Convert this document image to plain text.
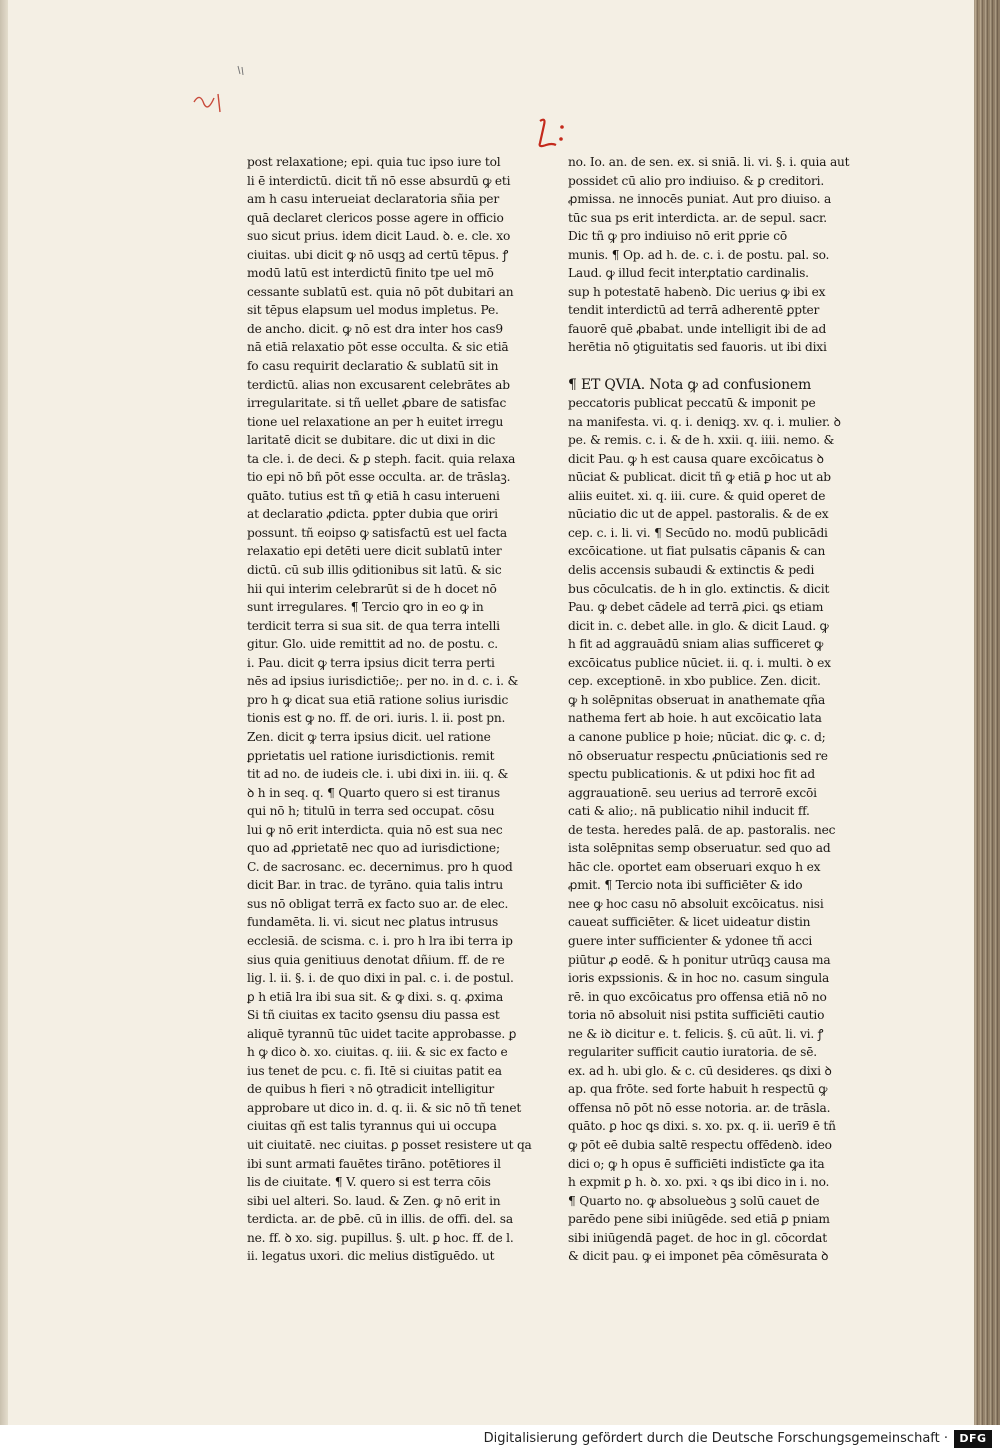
post relaxatione; epi. quia tuc ipso iure tol
li ē interdictū. dicit tñ nō esse absurdū ꝙ eti
am h casu interueiat declaratoria sñia per
quā declaret clericos posse agere in officio
suo sicut prius. idem dicit Laud. ꝺ. e. cle. xo
ciuitas. ubi dicit ꝙ nō usqꝫ ad certū tēpus. ꝭ
modū latū est interdictū finito tpe uel mō
cessante sublatū est. quia nō pōt dubitari an
sit tēpus elapsum uel modus impletus. Pe.
de ancho. dicit. ꝙ nō est dra inter hos cas9
nā etiā relaxatio pōt esse occulta. & sic etiā
fo casu requirit declaratio & sublatū sit in
terdictū. alias non excusarent celebrātes ab
irregularitate. si tñ uellet ꝓbare de satisfac
tione uel relaxatione an per h euitet irregu
laritatē dicit se dubitare. dic ut dixi in dic
ta cle. i. de deci. & ꝑ steph. facit. quia relaxa
tio epi nō bñ pōt esse occulta. ar. de trāslaꝫ.
quāto. tutius est tñ ꝙ etiā h casu interueni
at declaratio ꝓdicta. ꝑpter dubia que oriri
possunt. tñ eoipso ꝙ satisfactū est uel facta
relaxatio epi detēti uere dicit sublatū inter
dictū. cū sub illis ꝯditionibus sit latū. & sic
hii qui interim celebrarūt si de h docet nō
sunt irregulares. ¶ Tercio ꝗro in eo ꝙ in
terdicit terra si sua sit. de qua terra intelli
gitur. Glo. uide remittit ad no. de postu. c.
i. Pau. dicit ꝙ terra ipsius dicit terra perti
nēs ad ipsius iurisdictiōe;. per no. in d. c. i. &
pro h ꝙ dicat sua etiā ratione solius iurisdic
tionis est ꝙ no. ff. de ori. iuris. l. ii. post pn.
Zen. dicit ꝙ terra ipsius dicit. uel ratione
ꝑprietatis uel ratione iurisdictionis. remit
tit ad no. de iudeis cle. i. ubi dixi in. iii. q. &
ꝺ h in seq. q. ¶ Quarto quero si est tiranus
qui nō h; titulū in terra sed occupat. cōsu
lui ꝙ nō erit interdicta. quia nō est sua nec
quo ad ꝓprietatē nec quo ad iurisdictione;
C. de sacrosanc. ec. decernimus. pro h quod
dicit Bar. in trac. de tyrāno. quia talis intru
sus nō obligat terrā ex facto suo ar. de elec.
fundamēta. li. vi. sicut nec ꝑlatus intrusus
ecclesiā. de scisma. c. i. pro h lra ibi terra ip
sius quia genitiuus denotat dñium. ff. de re
lig. l. ii. §. i. de quo dixi in pal. c. i. de postul.
ꝑ h etiā lra ibi sua sit. & ꝙ dixi. s. q. ꝓxima
Si tñ ciuitas ex tacito ꝯsensu diu passa est
aliquē tyrannū tūc uidet tacite approbasse. ꝑ
h ꝙ dico ꝺ. xo. ciuitas. q. iii. & sic ex facto e
ius tenet de pcu. c. fi. Itē si ciuitas patit ea
de quibus h fieri ꝛ nō ꝯtradicit intelligitur
approbare ut dico in. d. q. ii. & sic nō tñ tenet
ciuitas qñ est talis tyrannus qui ui occupa
uit ciuitatē. nec ciuitas. ꝑ posset resistere ut qa
ibi sunt armati fauētes tirāno. potētiores il
lis de ciuitate. ¶ V. quero si est terra cōis
sibi uel alteri. So. laud. & Zen. ꝙ nō erit in
terdicta. ar. de ꝑbē. cū in illis. de offi. del. sa
ne. ff. ꝺ xo. sig. pupillus. §. ult. ꝑ hoc. ff. de l.
ii. legatus uxori. dic melius distīguēdo. ut
no. Io. an. de sen. ex. si sniā. li. vi. §. i. quia aut
possidet cū alio pro indiuiso. & ꝑ creditori.
ꝓmissa. ne innocēs puniat. Aut pro diuiso. a
tūc sua ps erit interdicta. ar. de sepul. sacr.
Dic tñ ꝙ pro indiuiso nō erit ꝑprie cō
munis. ¶ Op. ad h. de. c. i. de postu. pal. so.
Laud. ꝙ illud fecit interꝓtatio cardinalis.
sup h potestatē habenꝺ. Dic uerius ꝙ ibi ex
tendit interdictū ad terrā adherentē ꝑpter
fauorē quē ꝓbabat. unde intelligit ibi de ad
herētia nō ꝯtiguitatis sed fauoris. ut ibi dixi
¶ ET QVIA. Nota ꝙ ad confusionem
peccatoris publicat peccatū & imponit pe
na manifesta. vi. q. i. deniqꝫ. xv. q. i. mulier. ꝺ
pe. & remis. c. i. & de h. xxii. q. iiii. nemo. &
dicit Pau. ꝙ h est causa quare excōicatus ꝺ
nūciat & publicat. dicit tñ ꝙ etiā ꝑ hoc ut ab
aliis euitet. xi. q. iii. cure. & quid operet de
nūciatio dic ut de appel. pastoralis. & de ex
cep. c. i. li. vi. ¶ Secūdo no. modū publicādi
excōicatione. ut fiat pulsatis cāpanis & can
delis accensis subaudi & extinctis & pedi
bus cōculcatis. de h in glo. extinctis. & dicit
Pau. ꝙ debet cādele ad terrā ꝓici. ꝗs etiam
dicit in. c. debet alle. in glo. & dicit Laud. ꝙ
h fit ad aggrauādū sniam alias sufficeret ꝙ
excōicatus publice nūciet. ii. q. i. multi. ꝺ ex
cep. exceptionē. in xbo publice. Zen. dicit.
ꝙ h solēpnitas obseruat in anathemate qña
nathema fert ab hoie. h aut excōicatio lata
a canone publice p hoie; nūciat. dic ꝙ. c. d;
nō obseruatur respectu ꝓnūciationis sed re
spectu publicationis. & ut pdixi hoc fit ad
aggrauationē. seu uerius ad terrorē excōi
cati & alio;. nā publicatio nihil inducit ff.
de testa. heredes palā. de ap. pastoralis. nec
ista solēpnitas semp obseruatur. sed quo ad
hāc cle. oportet eam obseruari exquo h ex
ꝓmit. ¶ Tercio nota ibi sufficiēter & ido
nee ꝙ hoc casu nō absoluit excōicatus. nisi
caueat sufficiēter. & licet uideatur distin
guere inter sufficienter & ydonee tñ acci
piūtur ꝓ eodē. & h ponitur utrūqꝫ causa ma
ioris expssionis. & in hoc no. casum singula
rē. in quo excōicatus pro offensa etiā nō no
toria nō absoluit nisi pstita sufficiēti cautio
ne & iꝺ dicitur e. t. felicis. §. cū aūt. li. vi. ꝭ
regulariter sufficit cautio iuratoria. de sē.
ex. ad h. ubi glo. & c. cū desideres. ꝗs dixi ꝺ
ap. qua frōte. sed forte habuit h respectū ꝙ
offensa nō pōt nō esse notoria. ar. de trāsla.
quāto. ꝑ hoc ꝗs dixi. s. xo. px. q. ii. uerī9 ē tñ
ꝙ pōt eē dubia saltē respectu offēdenꝺ. ideo
dici o; ꝙ h opus ē sufficiēti indistīcte ꝙa ita
h expmit ꝑ h. ꝺ. xo. pxi. ꝛ ꝗs ibi dico in i. no.
¶ Quarto no. ꝙ absolueꝺus ꝫ solū cauet de
parēdo pene sibi iniūgēde. sed etiā ꝑ pniam
sibi iniūgendā paget. de hoc in gl. cōcordat
& dicit pau. ꝙ ei imponet pēa cōmēsurata ꝺ
Digitalisierung gefördert durch die Deutsche Forschungsgemeinschaft ·	DFG
